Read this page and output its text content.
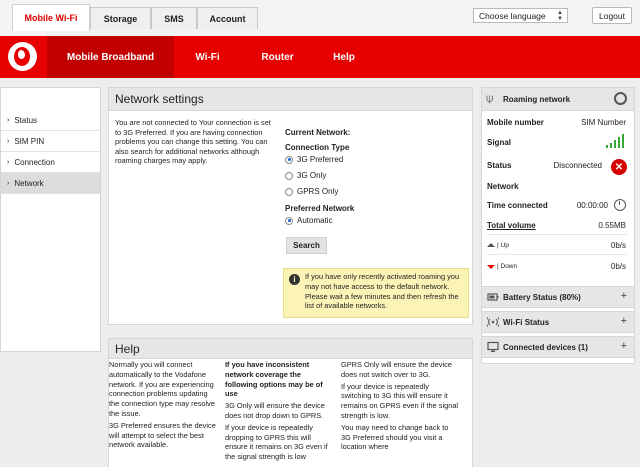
Mobile Wi-Fi	Storage	SMS	Account	Choose language ▲
▼	Logout
Mobile Broadband	Wi-Fi	Router	Help
› Status
› SIM PIN
› Connection
› Network
Network settings
You are not connected to Your connection is set to 3G Preferred. If you are having connection problems you can change this setting. You can also search for additional networks although roaming charges may apply.
Current Network:
Connection Type
3G Preferred
3G Only
GPRS Only
Preferred Network
Automatic
Search
i	If you have only recently activated roaming you may not have access to the default network. Please wait a few minutes and then refresh the list of available networks.
Help

Normally you will connect automatically to the Vodafone network. If you are experiencing connection problems updating the connection type may resolve the issue.

3G Preferred ensures the device will attempt to select the best network available.

If you have inconsistent network coverage the following options may be of use

3G Only will ensure the device does not drop down to GPRS.

If your device is repeatedly dropping to GPRS this will ensure it remains on 3G even if the signal strength is low

GPRS Only will ensure the device does not switch over to 3G.

If your device is repeatedly switching to 3G this will ensure it remains on GPRS even if the signal strength is low.

You may need to change back to 3G Preferred should you visit a location where

⍦ Roaming network
Mobile number	SIM Number
Signal
Status	Disconnected	✕
Network
Time connected	00:00:00
Total volume	0.55MB
| Up	0b/s
| Down	0b/s
Battery Status (80%)	+
Wi-Fi Status	+
Connected devices (1)	+
